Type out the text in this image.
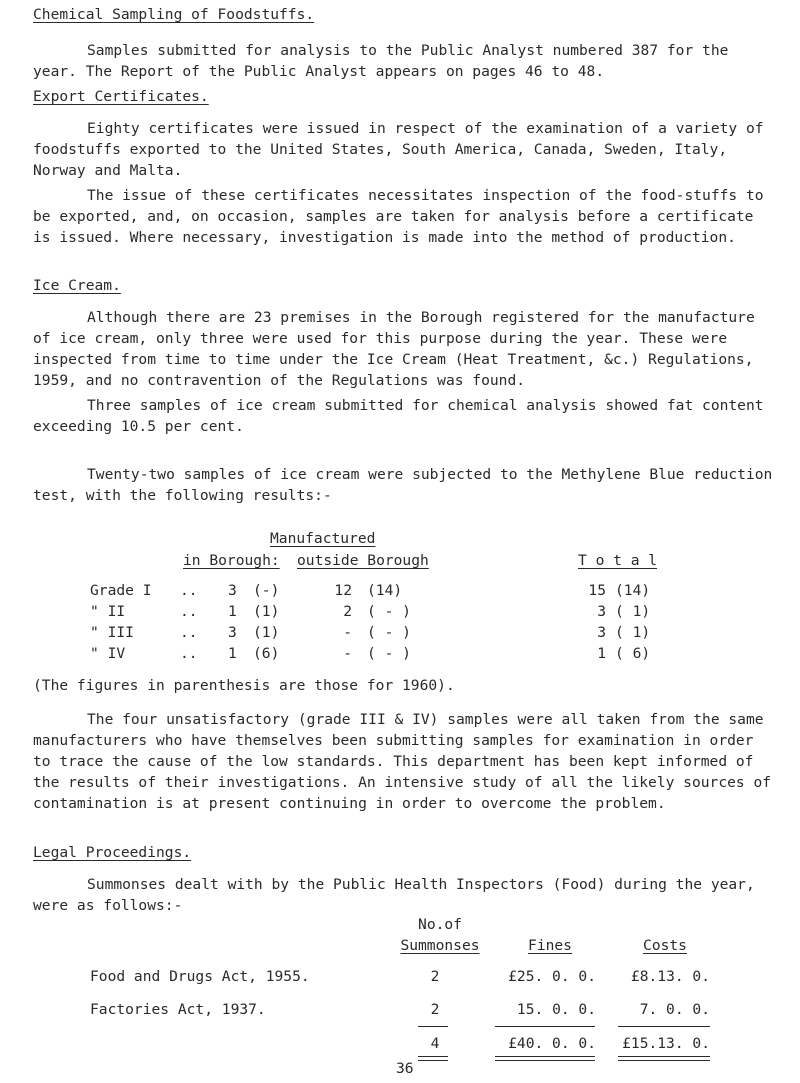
Chemical Sampling of Foodstuffs.

Samples submitted for analysis to the Public Analyst numbered 387 for the year. The Report of the Public Analyst appears on pages 46 to 48.

Export Certificates.

Eighty certificates were issued in respect of the examination of a variety of foodstuffs exported to the United States, South America, Canada, Sweden, Italy, Norway and Malta.

The issue of these certificates necessitates inspection of the food-stuffs to be exported, and, on occasion, samples are taken for analysis before a certificate is issued. Where necessary, investigation is made into the method of production.

Ice Cream.

Although there are 23 premises in the Borough registered for the manufacture of ice cream, only three were used for this purpose during the year. These were inspected from time to time under the Ice Cream (Heat Treatment, &c.) Regulations, 1959, and no contravention of the Regulations was found.

Three samples of ice cream submitted for chemical analysis showed fat content exceeding 10.5 per cent.

Twenty-two samples of ice cream were subjected to the Methylene Blue reduction test, with the following results:-

Manufactured
in Borough: outside Borough	T o t a l
Grade I .. 3 (-)	12 (14)	15 (14)
" II	.. 1 (1)	2 ( - )	3 ( 1)
" III	.. 3 (1)	- ( - )	3 ( 1)
" IV	.. 1 (6)	- ( - )	1 ( 6)
(The figures in parenthesis are those for 1960).

The four unsatisfactory (grade III & IV) samples were all taken from the same manufacturers who have themselves been submitting samples for examination in order to trace the cause of the low standards. This department has been kept informed of the results of their investigations. An intensive study of all the likely sources of contamination is at present continuing in order to overcome the problem.

Legal Proceedings.

Summonses dealt with by the Public Health Inspectors (Food) during the year, were as follows:-

No.of
Summonses	Fines	Costs
Food and Drugs Act, 1955.	2	£25. 0. 0.	£8.13. 0.
Factories Act, 1937.	2	15. 0. 0.	7. 0. 0.
4	£40. 0. 0.	£15.13. 0.
36
